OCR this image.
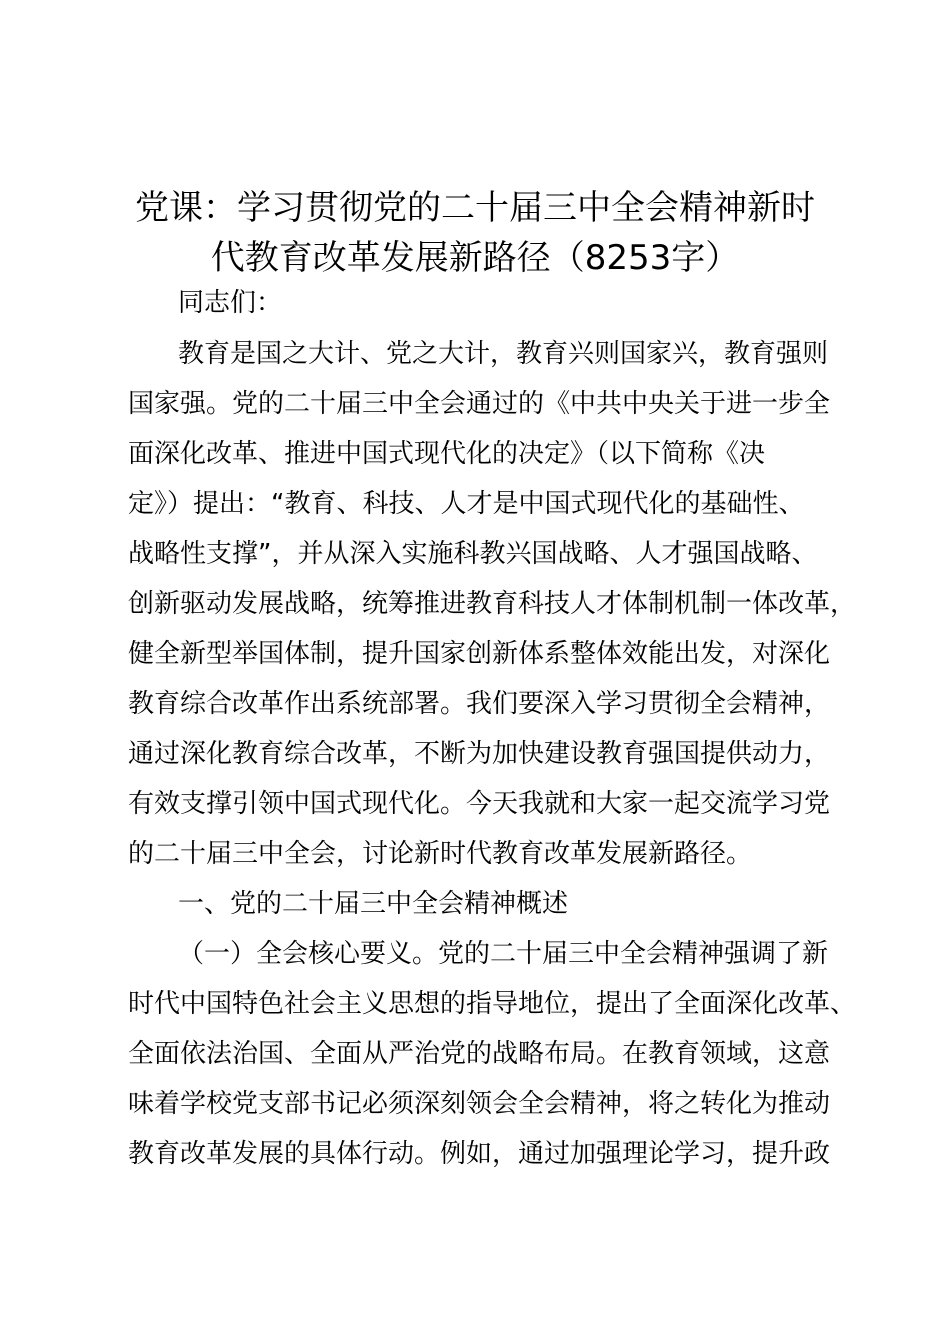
党课：学习贯彻党的二十届三中全会精神新时
代教育改革发展新路径（8253字）

同志们：

教育是国之大计、党之大计，教育兴则国家兴，教育强则

国家强。党的二十届三中全会通过的《中共中央关于进一步全

面深化改革、推进中国式现代化的决定》（以下简称《决

定》）提出：“教育、科技、人才是中国式现代化的基础性、

战略性支撑”，并从深入实施科教兴国战略、人才强国战略、

创新驱动发展战略，统筹推进教育科技人才体制机制一体改革，

健全新型举国体制，提升国家创新体系整体效能出发，对深化

教育综合改革作出系统部署。我们要深入学习贯彻全会精神，

通过深化教育综合改革，不断为加快建设教育强国提供动力，

有效支撑引领中国式现代化。今天我就和大家一起交流学习党

的二十届三中全会，讨论新时代教育改革发展新路径。

一、党的二十届三中全会精神概述

（一）全会核心要义。党的二十届三中全会精神强调了新

时代中国特色社会主义思想的指导地位，提出了全面深化改革、

全面依法治国、全面从严治党的战略布局。在教育领域，这意

味着学校党支部书记必须深刻领会全会精神，将之转化为推动

教育改革发展的具体行动。例如，通过加强理论学习，提升政
